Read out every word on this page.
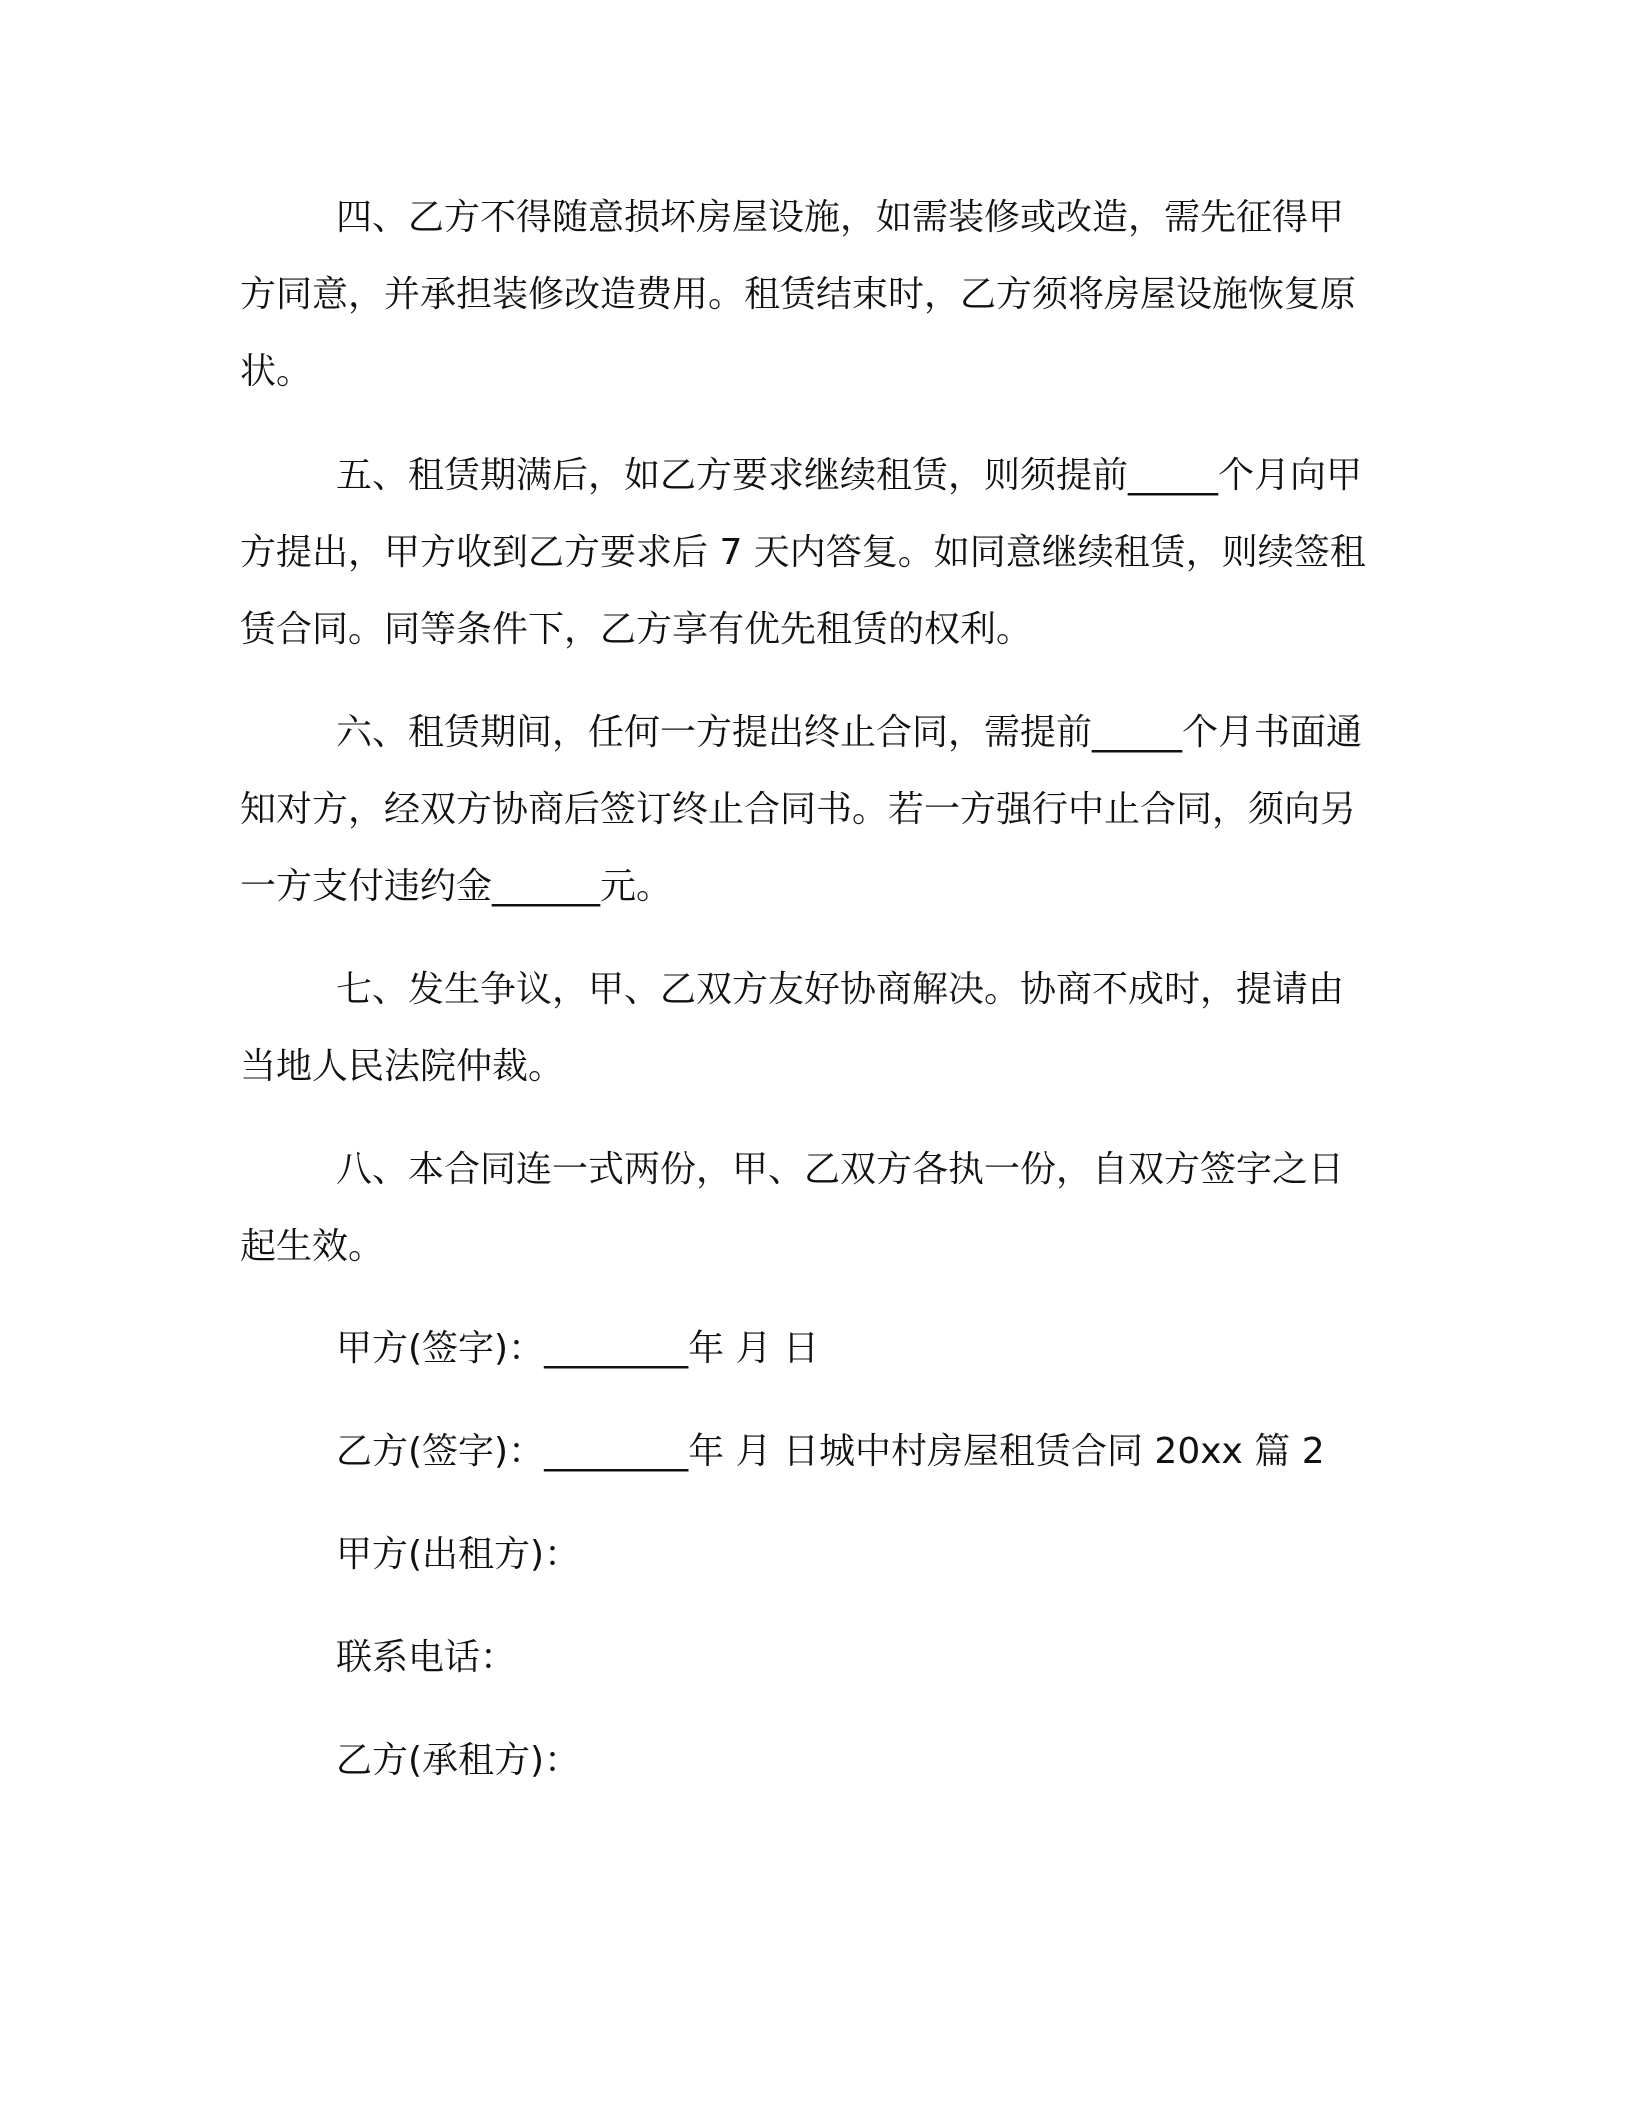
四、乙方不得随意损坏房屋设施，如需装修或改造，需先征得甲方同意，并承担装修改造费用。租赁结束时，乙方须将房屋设施恢复原状。

五、租赁期满后，如乙方要求继续租赁，则须提前_____个月向甲方提出，甲方收到乙方要求后 7 天内答复。如同意继续租赁，则续签租赁合同。同等条件下，乙方享有优先租赁的权利。

六、租赁期间，任何一方提出终止合同，需提前_____个月书面通知对方，经双方协商后签订终止合同书。若一方强行中止合同，须向另一方支付违约金______元。

七、发生争议，甲、乙双方友好协商解决。协商不成时，提请由当地人民法院仲裁。

八、本合同连一式两份，甲、乙双方各执一份，自双方签字之日起生效。

甲方(签字)：________年 月 日

乙方(签字)：________年 月 日城中村房屋租赁合同 20xx 篇 2

甲方(出租方)：

联系电话：

乙方(承租方)：
